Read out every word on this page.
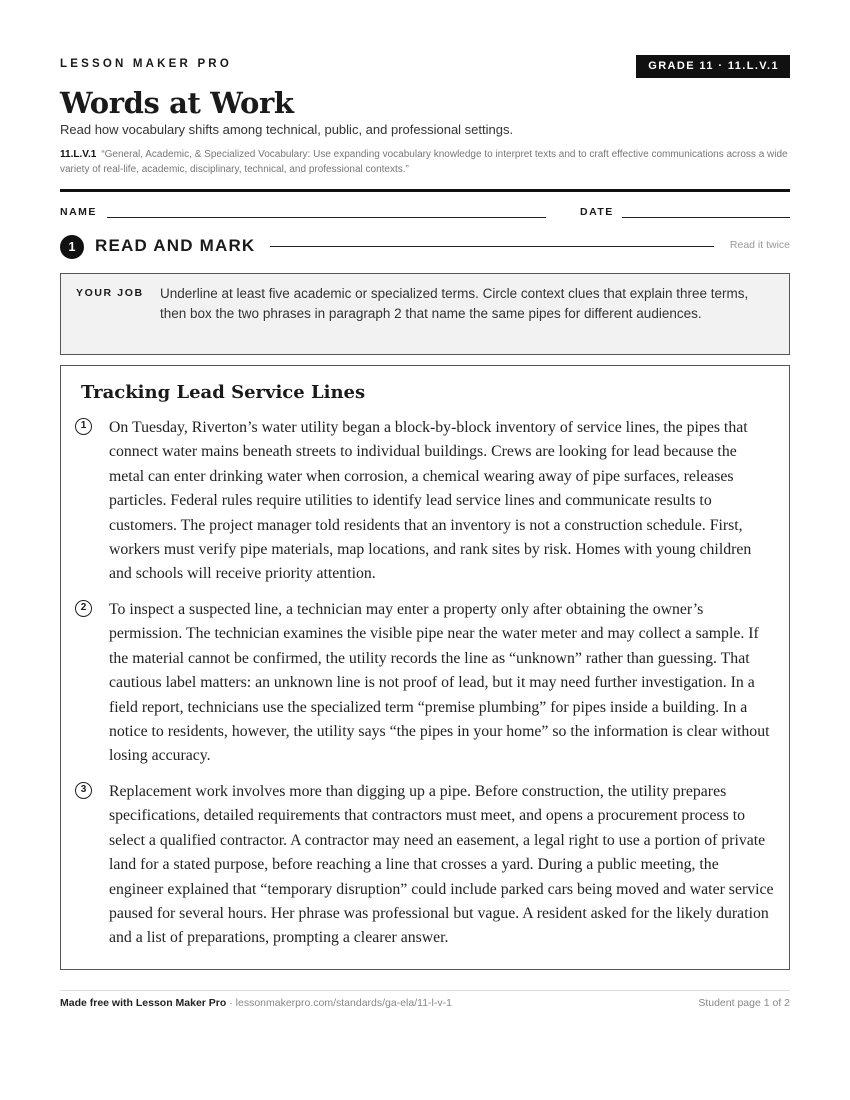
LESSON MAKER PRO	GRADE 11 · 11.L.V.1
Words at Work
Read how vocabulary shifts among technical, public, and professional settings.
11.L.V.1 “General, Academic, & Specialized Vocabulary: Use expanding vocabulary knowledge to interpret texts and to craft effective communications across a wide variety of real-life, academic, disciplinary, technical, and professional contexts.”
NAME	DATE
1	READ AND MARK	Read it twice
YOUR JOB Underline at least five academic or specialized terms. Circle context clues that explain three terms, then box the two phrases in paragraph 2 that name the same pipes for different audiences.
Tracking Lead Service Lines
1	On Tuesday, Riverton’s water utility began a block-by-block inventory of service lines, the pipes that connect water mains beneath streets to individual buildings. Crews are looking for lead because the metal can enter drinking water when corrosion, a chemical wearing away of pipe surfaces, releases particles. Federal rules require utilities to identify lead service lines and communicate results to customers. The project manager told residents that an inventory is not a construction schedule. First, workers must verify pipe materials, map locations, and rank sites by risk. Homes with young children and schools will receive priority attention.

2	To inspect a suspected line, a technician may enter a property only after obtaining the owner’s permission. The technician examines the visible pipe near the water meter and may collect a sample. If the material cannot be confirmed, the utility records the line as “unknown” rather than guessing. That cautious label matters: an unknown line is not proof of lead, but it may need further investigation. In a field report, technicians use the specialized term “premise plumbing” for pipes inside a building. In a notice to residents, however, the utility says “the pipes in your home” so the information is clear without losing accuracy.

3	Replacement work involves more than digging up a pipe. Before construction, the utility prepares specifications, detailed requirements that contractors must meet, and opens a procurement process to select a qualified contractor. A contractor may need an easement, a legal right to use a portion of private land for a stated purpose, before reaching a line that crosses a yard. During a public meeting, the engineer explained that “temporary disruption” could include parked cars being moved and water service paused for several hours. Her phrase was professional but vague. A resident asked for the likely duration and a list of preparations, prompting a clearer answer.

Made free with Lesson Maker Pro · lessonmakerpro.com/standards/ga-ela/11-l-v-1	Student page 1 of 2
